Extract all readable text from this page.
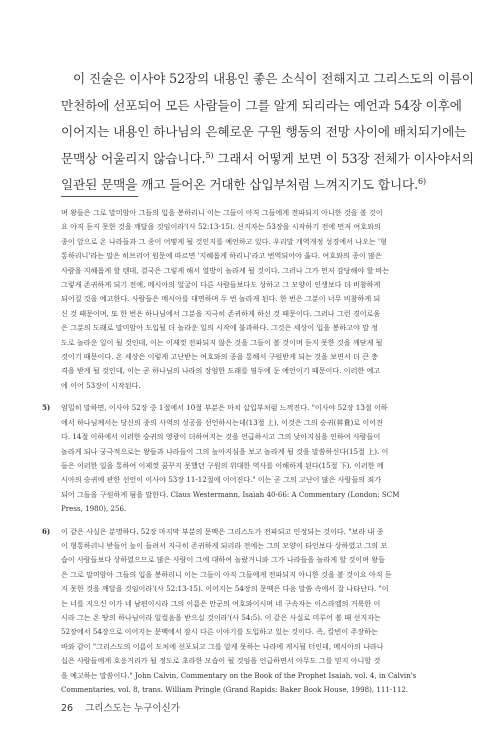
이 진술은 이사야 52장의 내용인 좋은 소식이 전해지고 그리스도의 이름이
만천하에 선포되어 모든 사람들이 그를 알게 되리라는 예언과 54장 이후에
이어지는 내용인 하나님의 은혜로운 구원 행동의 전망 사이에 배치되기에는
문맥상 어울리지 않습니다.$^{5)}$ 그래서 어떻게 보면 이 53장 전체가 이사야서의
일관된 문맥을 깨고 들어온 거대한 삽입부처럼 느껴지기도 합니다.$^{6)}$
며 왕들은 그로 말미암아 그들의 입을 봉하리니 이는 그들이 아직 그들에게 전파되지 아니한 것을 볼 것이
요 아직 듣지 못한 것을 깨달을 것임이라'(사 52:13-15). 선지자는 53장을 시작하기 전에 먼저 여호와의
종이 앞으로 온 나라들과 그 종이 어떻게 될 것인지를 예언하고 있다. 우리말 개역개정 성경에서 나오는 '형
통하리니'라는 말은 히브리어 원문에 따르면 '지혜롭게 하리니'라고 번역되어야 옳다. 여호와의 종이 많은
사람을 지혜롭게 할 텐데, 결국은 그렇게 해서 열방이 놀라게 될 것이다. 그러나 그가 먼저 감당해야 할 바는
그렇게 존귀하게 되기 전에, 메시아의 얼굴이 다른 사람들보다도 상하고 그 모양이 인생보다 더 비참하게
되어질 것을 예고한다. 사람들은 메시아를 대면하며 두 번 놀라게 된다. 한 번은 그분이 너무 비참하게 되
신 것 때문이며, 또 한 번은 하나님에서 그분을 지극히 존귀하게 하신 것 때문이다. 그러나 그런 경이로움
은 그분의 도래로 말미암아 도입될 더 놀라운 일의 시작에 불과하다. 그것은 세상이 입을 봉하고야 말 정
도로 놀라운 일이 될 것인데, 이는 이제껏 전파되지 않은 것을 그들이 볼 것이며 듣지 못한 것을 깨닫게 될
것이기 때문이다. 온 세상은 이렇게 고난받는 여호와의 종을 통해서 구원받게 되는 것을 보면서 더 큰 충
격을 받게 될 것인데, 이는 곧 하나님의 나라의 장엄한 도래를 염두에 둔 예언이기 때문이다. 이러한 예고
에 이어 53장이 시작된다.
5) 엄밀히 말하면, 이사야 52장 중 1절에서 10절 부분은 마치 삽입부처럼 느껴진다. "이사야 52장 13절 이하
에서 하나님께서는 당신의 종의 사역의 성공을 선언하시는데(13절 上), 이것은 그의 승귀(昇貴)로 이어진
다. 14절 이하에서 이러한 승귀의 영광이 더하여지는 것을 언급하시고 그의 낮아지심을 인하여 사람들이
놀라게 되나 궁극적으로는 왕들과 나라들이 그의 높아지심을 보고 놀라게 될 것을 말씀하신다(15절 上). 이
들은 이러한 일을 통하여 이제껏 꿈꾸지 못했던 구원의 위대한 역사를 이해하게 된다(15절 下). 이러한 메
시아의 승귀에 관한 선언이 이사야 53장 11-12절에 이어진다." 이는 곧 그의 고난이 많은 사람들의 죄가
되어 그들을 구원하게 됨을 말한다. Claus Westermann, Isaiah 40-66: A Commentary (London: SCM
Press, 1980), 256.
6) 이 같은 사실은 분명하다. 52장 마지막 부분의 문맥은 그리스도가 전파되고 인정되는 것이다. "보라 내 종
이 형통하리니 받들어 높이 들려서 지극히 존귀하게 되리라 전에는 그의 모양이 타인보다 상하였고 그의 모
습이 사람들보다 상하였으므로 많은 사람이 그에 대하여 놀랐거니와 그가 나라들을 놀라게 할 것이며 왕들
은 그로 말미암아 그들의 입을 봉하리니 이는 그들이 아직 그들에게 전파되지 아니한 것을 볼 것이요 아직 듣
지 못한 것을 깨달을 것임이라'(사 52:13-15). 이어지는 54장의 문맥은 다음 말씀 속에서 잘 나타난다. "이
는 너를 지으신 이가 네 남편이시라 그의 이름은 만군의 여호와이시며 네 구속자는 이스라엘의 거룩한 이
시라 그는 온 땅의 하나님이라 일컬음을 받으실 것이라'(사 54:5). 이 같은 사실로 미루어 볼 때 선지자는
52장에서 54장으로 이어지는 문맥에서 잠시 다른 이야기를 도입하고 있는 것이다. 즉, 칼빈이 주장하는
바와 같이 "그리스도의 이름이 도처에 선포되고 그를 알게 못하는 나라에 게시될 터인데, 메시아의 나라나
십은 사람들에게 호응거리가 될 정도로 초라한 모습이 될 것임을 언급하면서 아무도 그를 믿지 아니할 것
을 예고하는 말씀이다." John Calvin, Commentary on the Book of the Prophet Isaiah, vol. 4, in Calvin's
Commentaries, vol. 8, trans. William Pringle (Grand Rapids: Baker Book House, 1998), 111-112.
26 그리스도는 누구이신가
